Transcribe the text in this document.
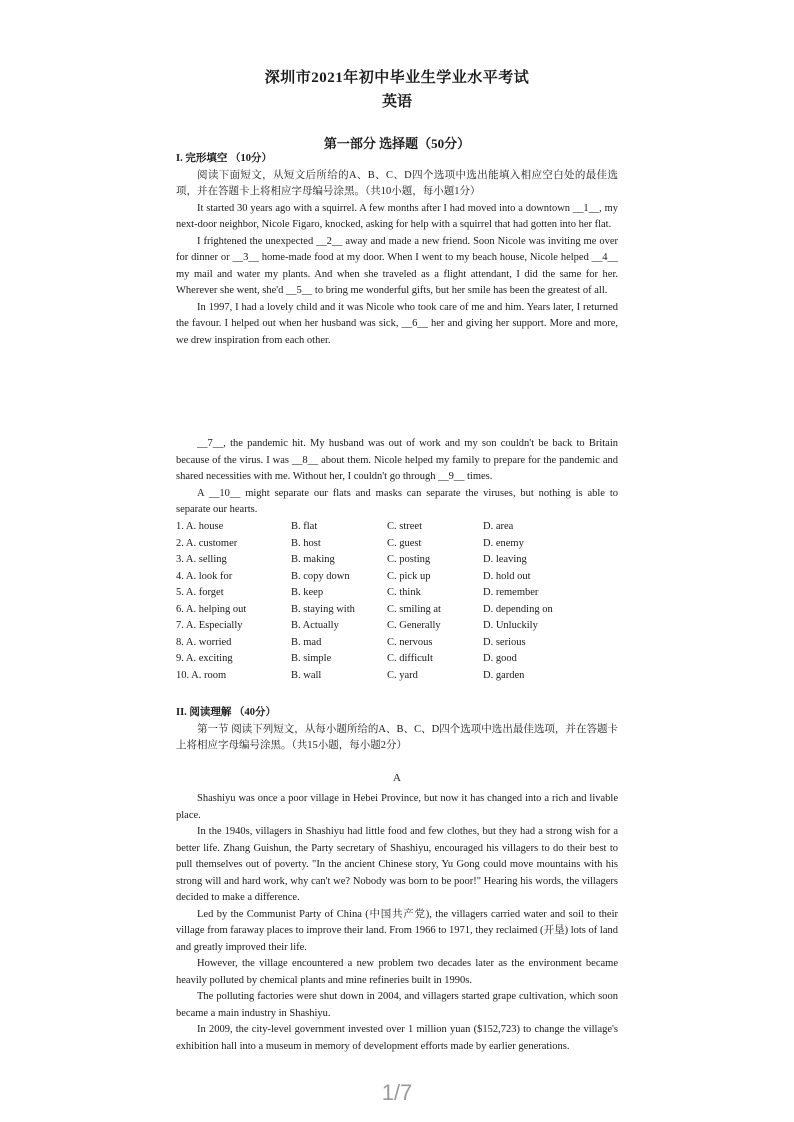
深圳市2021年初中毕业生学业水平考试
英语
第一部分 选择题（50分）
I. 完形填空 （10分）

阅读下面短文，从短文后所给的A、B、C、D四个选项中选出能填入相应空白处的最佳选项，并在答题卡上将相应字母编号涂黑。（共10小题，每小题1分）

It started 30 years ago with a squirrel. A few months after I had moved into a downtown __1__, my next-door neighbor, Nicole Figaro, knocked, asking for help with a squirrel that had gotten into her flat.

I frightened the unexpected __2__ away and made a new friend. Soon Nicole was inviting me over for dinner or __3__ home-made food at my door. When I went to my beach house, Nicole helped __4__ my mail and water my plants. And when she traveled as a flight attendant, I did the same for her. Wherever she went, she'd __5__ to bring me wonderful gifts, but her smile has been the greatest of all.

In 1997, I had a lovely child and it was Nicole who took care of me and him. Years later, I returned the favour. I helped out when her husband was sick, __6__ her and giving her support. More and more, we drew inspiration from each other.

__7__, the pandemic hit. My husband was out of work and my son couldn't be back to Britain because of the virus. I was __8__ about them. Nicole helped my family to prepare for the pandemic and shared necessities with me. Without her, I couldn't go through __9__ times.

A __10__ might separate our flats and masks can separate the viruses, but nothing is able to separate our hearts.

1. A. house	B. flat	C. street	D. area
2. A. customer	B. host	C. guest	D. enemy
3. A. selling	B. making	C. posting	D. leaving
4. A. look for	B. copy down	C. pick up	D. hold out
5. A. forget	B. keep	C. think	D. remember
6. A. helping out	B. staying with	C. smiling at	D. depending on
7. A. Especially	B. Actually	C. Generally	D. Unluckily
8. A. worried	B. mad	C. nervous	D. serious
9. A. exciting	B. simple	C. difficult	D. good
10. A. room	B. wall	C. yard	D. garden
II. 阅读理解 （40分）

第一节 阅读下列短文，从每小题所给的A、B、C、D四个选项中选出最佳选项，并在答题卡上将相应字母编号涂黑。（共15小题，每小题2分）

A

Shashiyu was once a poor village in Hebei Province, but now it has changed into a rich and livable place.

In the 1940s, villagers in Shashiyu had little food and few clothes, but they had a strong wish for a better life. Zhang Guishun, the Party secretary of Shashiyu, encouraged his villagers to do their best to pull themselves out of poverty. "In the ancient Chinese story, Yu Gong could move mountains with his strong will and hard work, why can't we? Nobody was born to be poor!" Hearing his words, the villagers decided to make a difference.

Led by the Communist Party of China (中国共产党), the villagers carried water and soil to their village from faraway places to improve their land. From 1966 to 1971, they reclaimed (开垦) lots of land and greatly improved their life.

However, the village encountered a new problem two decades later as the environment became heavily polluted by chemical plants and mine refineries built in 1990s.

The polluting factories were shut down in 2004, and villagers started grape cultivation, which soon became a main industry in Shashiyu.

In 2009, the city-level government invested over 1 million yuan ($152,723) to change the village's exhibition hall into a museum in memory of development efforts made by earlier generations.

1/7
